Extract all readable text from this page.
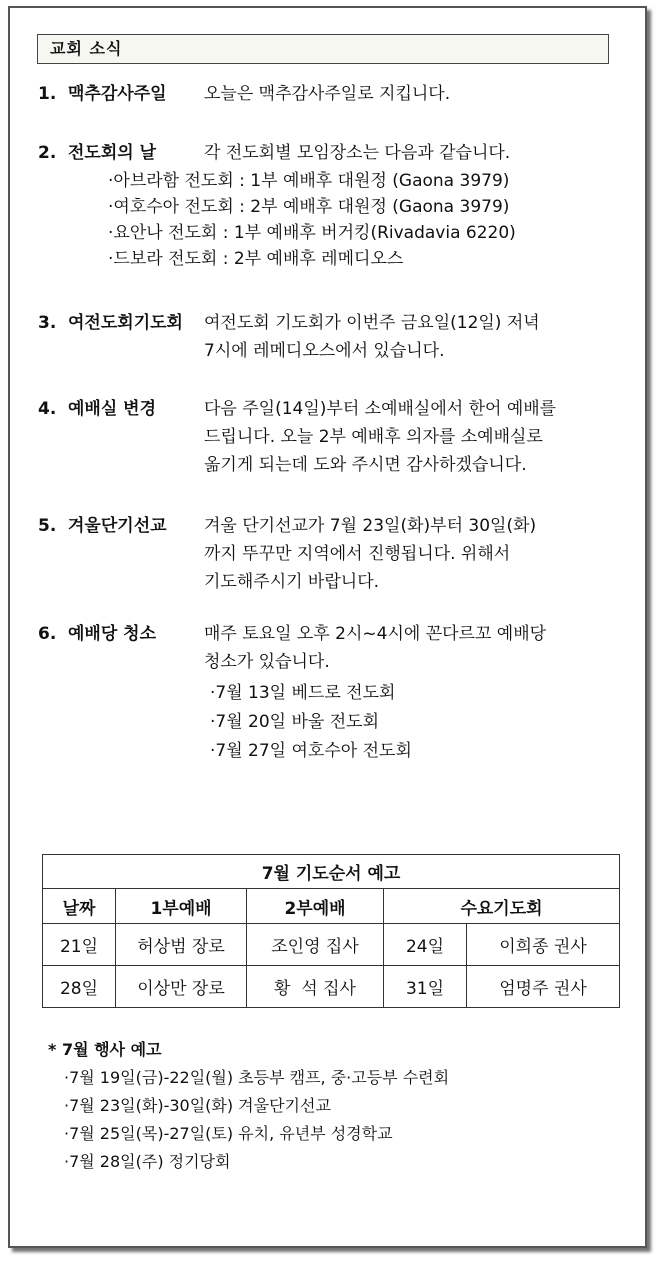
교회 소식
1. 맥추감사주일 오늘은 맥추감사주일로 지킵니다.
2. 전도회의 날	각 전도회별 모임장소는 다음과 같습니다.
·아브라함 전도회 : 1부 예배후 대원정 (Gaona 3979)
·여호수아 전도회 : 2부 예배후 대원정 (Gaona 3979)
·요안나 전도회 : 1부 예배후 버거킹(Rivadavia 6220)
·드보라 전도회 : 2부 예배후 레메디오스
3. 여전도회기도회 여전도회 기도회가 이번주 금요일(12일) 저녁
7시에 레메디오스에서 있습니다.
4. 예배실 변경	다음 주일(14일)부터 소예배실에서 한어 예배를
드립니다. 오늘 2부 예배후 의자를 소예배실로
옮기게 되는데 도와 주시면 감사하겠습니다.
5. 겨울단기선교 겨울 단기선교가 7월 23일(화)부터 30일(화)
까지 뚜꾸만 지역에서 진행됩니다. 위해서
기도해주시기 바랍니다.
6. 예배당 청소	매주 토요일 오후 2시~4시에 꼰다르꼬 예배당
청소가 있습니다.
·7월 13일 베드로 전도회
·7월 20일 바울 전도회
·7월 27일 여호수아 전도회
7월 기도순서 예고				
날짜	1부예배	2부예배	수요기도회	
21일	허상범 장로	조인영 집사	24일	이희종 권사
28일	이상만 장로	황  석 집사	31일	엄명주 권사
* 7월 행사 예고
·7월 19일(금)-22일(월) 초등부 캠프, 중·고등부 수련회
·7월 23일(화)-30일(화) 겨울단기선교
·7월 25일(목)-27일(토) 유치, 유년부 성경학교
·7월 28일(주) 정기당회
